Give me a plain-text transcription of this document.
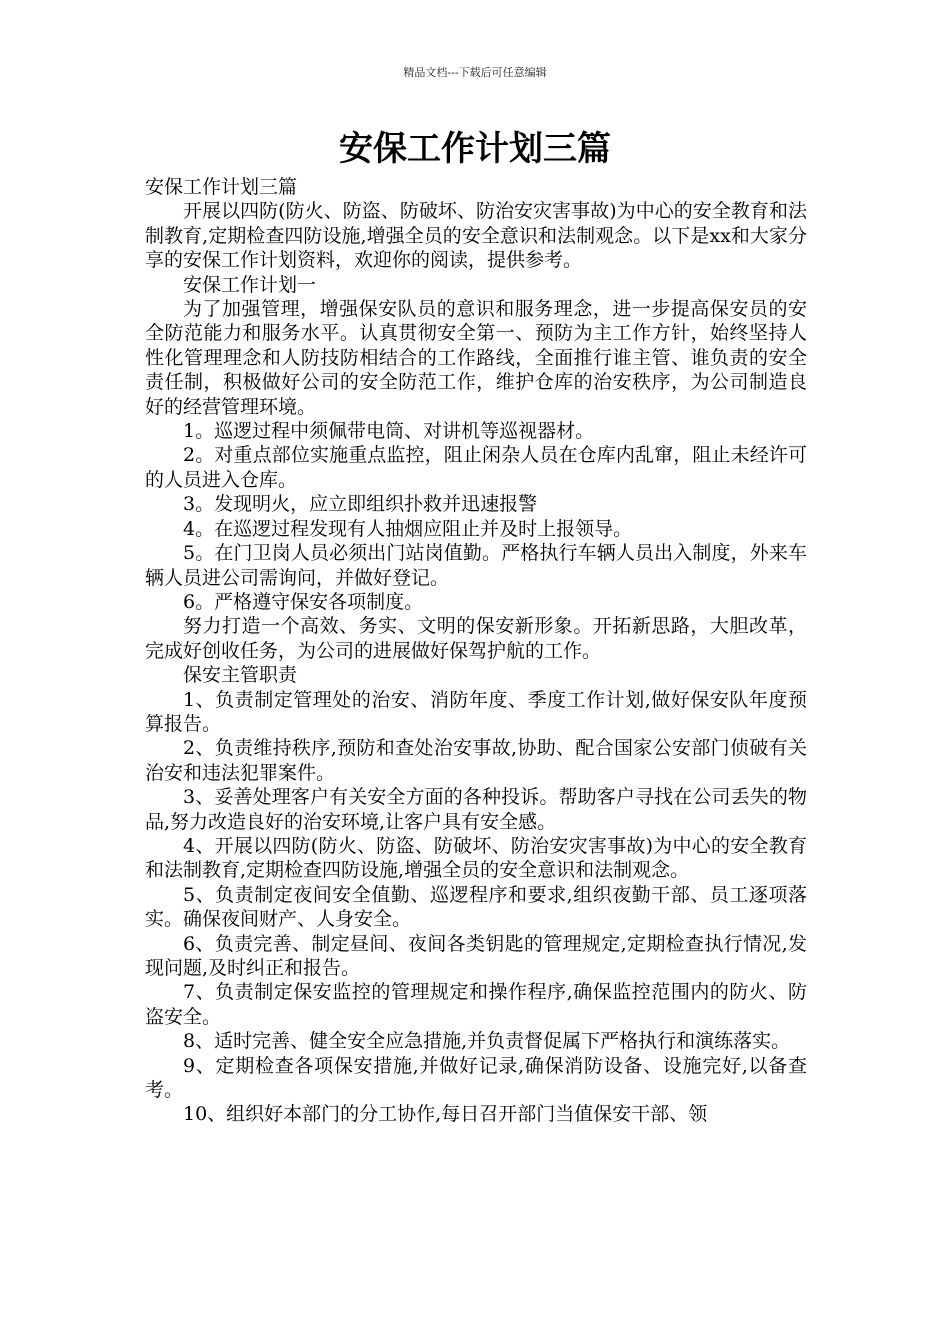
精品文档---下载后可任意编辑
安保工作计划三篇

安保工作计划三篇

开展以四防(防火、防盗、防破坏、防治安灾害事故)为中心的安全教育和法制教育,定期检查四防设施,增强全员的安全意识和法制观念。以下是xx和大家分享的安保工作计划资料，欢迎你的阅读，提供参考。

安保工作计划一

为了加强管理，增强保安队员的意识和服务理念，进一步提高保安员的安全防范能力和服务水平。认真贯彻安全第一、预防为主工作方针，始终坚持人性化管理理念和人防技防相结合的工作路线，全面推行谁主管、谁负责的安全责任制，积极做好公司的安全防范工作，维护仓库的治安秩序，为公司制造良好的经营管理环境。

1。巡逻过程中须佩带电筒、对讲机等巡视器材。

2。对重点部位实施重点监控，阻止闲杂人员在仓库内乱窜，阻止未经许可的人员进入仓库。

3。发现明火，应立即组织扑救并迅速报警

4。在巡逻过程发现有人抽烟应阻止并及时上报领导。

5。在门卫岗人员必须出门站岗值勤。严格执行车辆人员出入制度，外来车辆人员进公司需询问，并做好登记。

6。严格遵守保安各项制度。

努力打造一个高效、务实、文明的保安新形象。开拓新思路，大胆改革，完成好创收任务，为公司的进展做好保驾护航的工作。

保安主管职责

1、负责制定管理处的治安、消防年度、季度工作计划,做好保安队年度预算报告。

2、负责维持秩序,预防和查处治安事故,协助、配合国家公安部门侦破有关治安和违法犯罪案件。

3、妥善处理客户有关安全方面的各种投诉。帮助客户寻找在公司丢失的物品,努力改造良好的治安环境,让客户具有安全感。

4、开展以四防(防火、防盗、防破坏、防治安灾害事故)为中心的安全教育和法制教育,定期检查四防设施,增强全员的安全意识和法制观念。

5、负责制定夜间安全值勤、巡逻程序和要求,组织夜勤干部、员工逐项落实。确保夜间财产、人身安全。

6、负责完善、制定昼间、夜间各类钥匙的管理规定,定期检查执行情况,发现问题,及时纠正和报告。

7、负责制定保安监控的管理规定和操作程序,确保监控范围内的防火、防盗安全。

8、适时完善、健全安全应急措施,并负责督促属下严格执行和演练落实。

9、定期检查各项保安措施,并做好记录,确保消防设备、设施完好,以备查考。

10、组织好本部门的分工协作,每日召开部门当值保安干部、领
